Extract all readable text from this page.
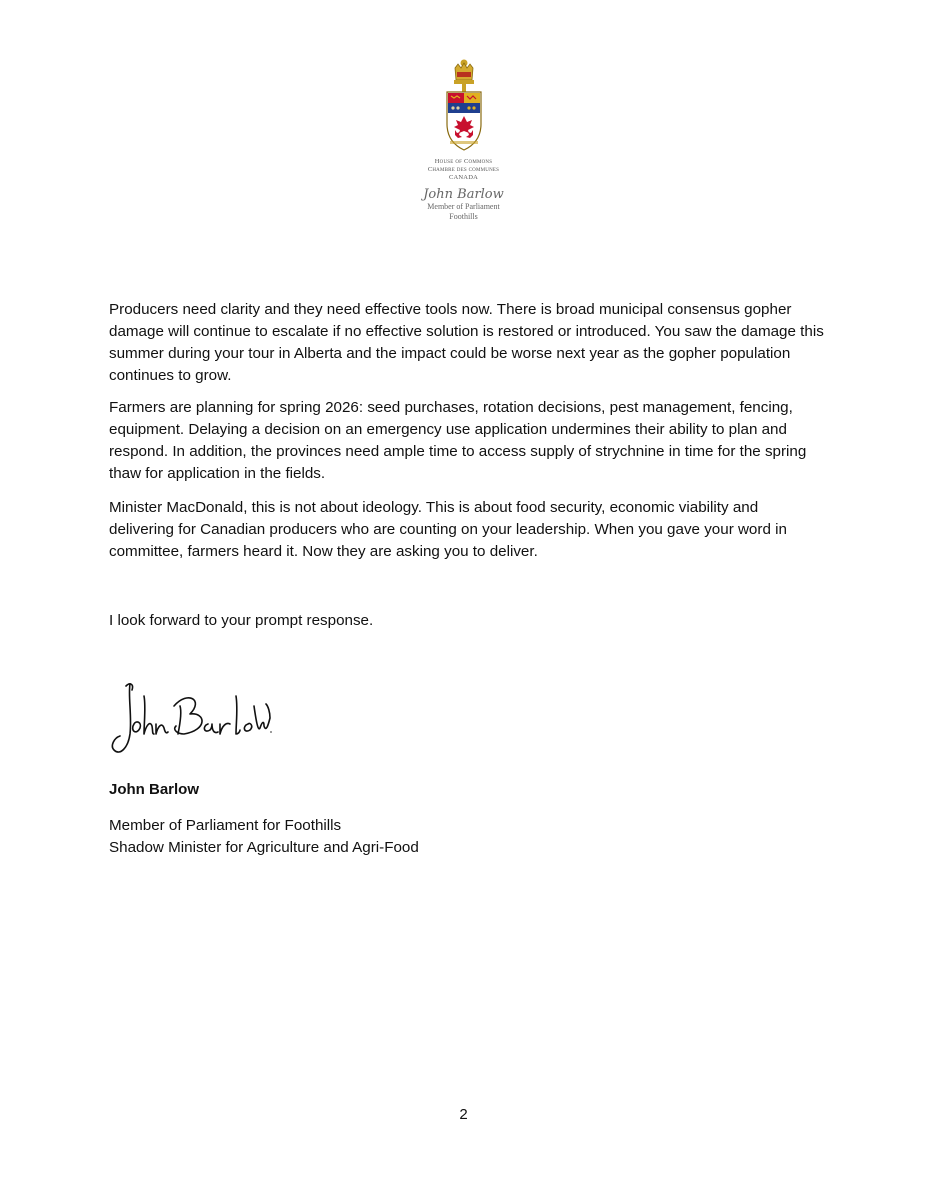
House of Commons
Chambre des communes
CANADA
John Barlow
Member of Parliament
Foothills

Producers need clarity and they need effective tools now. There is broad municipal consensus gopher damage will continue to escalate if no effective solution is restored or introduced. You saw the damage this summer during your tour in Alberta and the impact could be worse next year as the gopher population continues to grow.

Farmers are planning for spring 2026: seed purchases, rotation decisions, pest management, fencing, equipment. Delaying a decision on an emergency use application undermines their ability to plan and respond. In addition, the provinces need ample time to access supply of strychnine in time for the spring thaw for application in the fields.

Minister MacDonald, this is not about ideology. This is about food security, economic viability and delivering for Canadian producers who are counting on your leadership. When you gave your word in committee, farmers heard it. Now they are asking you to deliver.

I look forward to your prompt response.

John Barlow
Member of Parliament for Foothills
Shadow Minister for Agriculture and Agri-Food
2
